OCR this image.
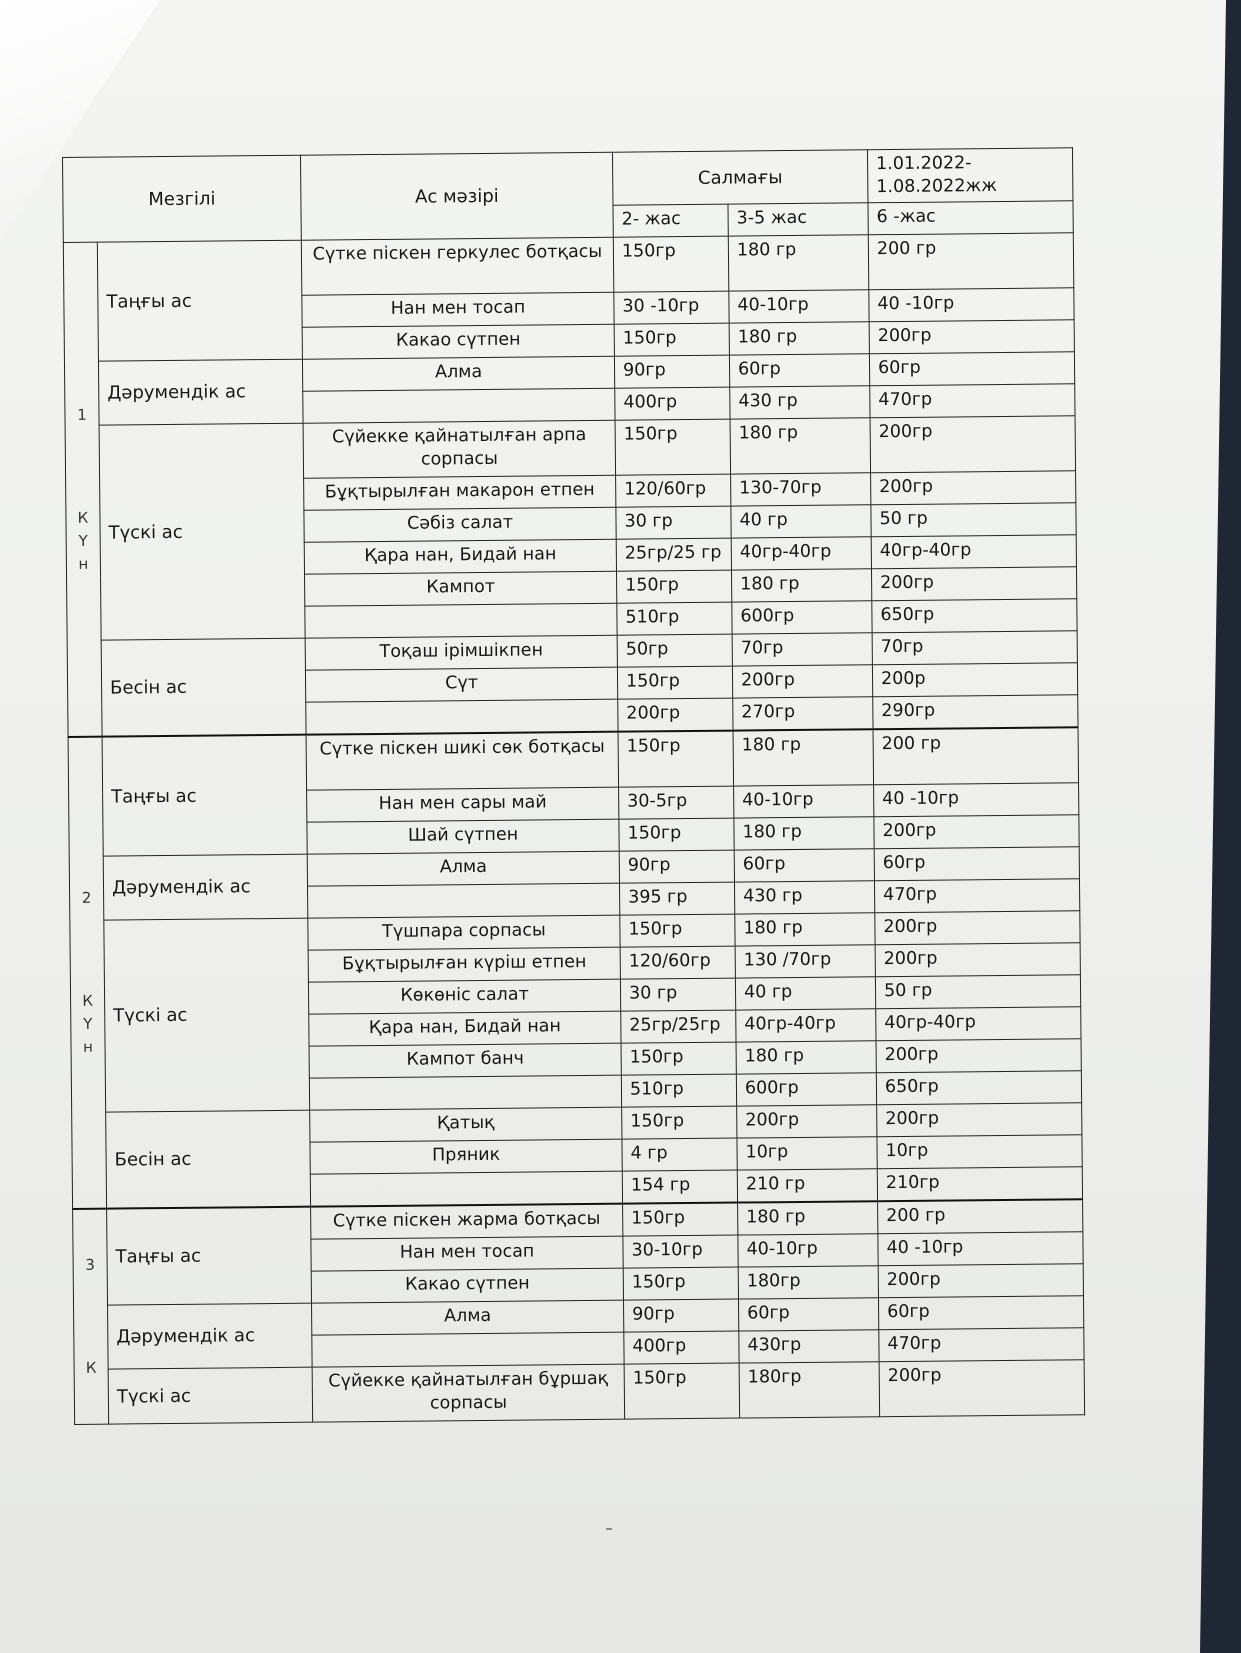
Мезгілі		Ас мәзірі	Салмағы		1.01.2022-1.08.2022жж
			2- жас	3-5 жас	6 -жас

1
К
Ү
н	Таңғы ас	Сүтке піскен геркулес ботқасы	150гр	180 гр	200 гр
		Нан мен тосап	30 -10гр	40-10гр	40 -10гр
		Какао сүтпен	150гр	180 гр	200гр
	Дәрумендік ас	Алма	90гр	60гр	60гр
			400гр	430 гр	470гр
	Түскі ас	Сүйекке қайнатылған арпа сорпасы	150гр	180 гр	200гр
		Бұқтырылған макарон етпен	120/60гр	130-70гр	200гр
		Сәбіз салат	30 гр	40 гр	50 гр
		Қара нан, Бидай нан	25гр/25 гр	40гр-40гр	40гр-40гр
		Кампот	150гр	180 гр	200гр
			510гр	600гр	650гр
	Бесін ас	Тоқаш ірімшікпен	50гр	70гр	70гр
		Сүт	150гр	200гр	200р
			200гр	270гр	290гр

2
К
Ү
н	Таңғы ас	Сүтке піскен шикі сөк ботқасы	150гр	180 гр	200 гр
		Нан мен сары май	30-5гр	40-10гр	40 -10гр
		Шай сүтпен	150гр	180 гр	200гр
	Дәрумендік ас	Алма	90гр	60гр	60гр
			395 гр	430 гр	470гр
	Түскі ас	Түшпара сорпасы	150гр	180 гр	200гр
		Бұқтырылған күріш етпен	120/60гр	130 /70гр	200гр
		Көкөніс салат	30 гр	40 гр	50 гр
		Қара нан, Бидай нан	25гр/25гр	40гр-40гр	40гр-40гр
		Кампот банч	150гр	180 гр	200гр
			510гр	600гр	650гр
	Бесін ас	Қатық	150гр	200гр	200гр
		Пряник	4 гр	10гр	10гр
			154 гр	210 гр	210гр

3
К	Таңғы ас	Сүтке піскен жарма ботқасы	150гр	180 гр	200 гр
		Нан мен тосап	30-10гр	40-10гр	40 -10гр
		Какао сүтпен	150гр	180гр	200гр
	Дәрумендік ас	Алма	90гр	60гр	60гр
			400гр	430гр	470гр
	Түскі ас	Сүйекке қайнатылған бұршақ сорпасы	150гр	180гр	200гр
